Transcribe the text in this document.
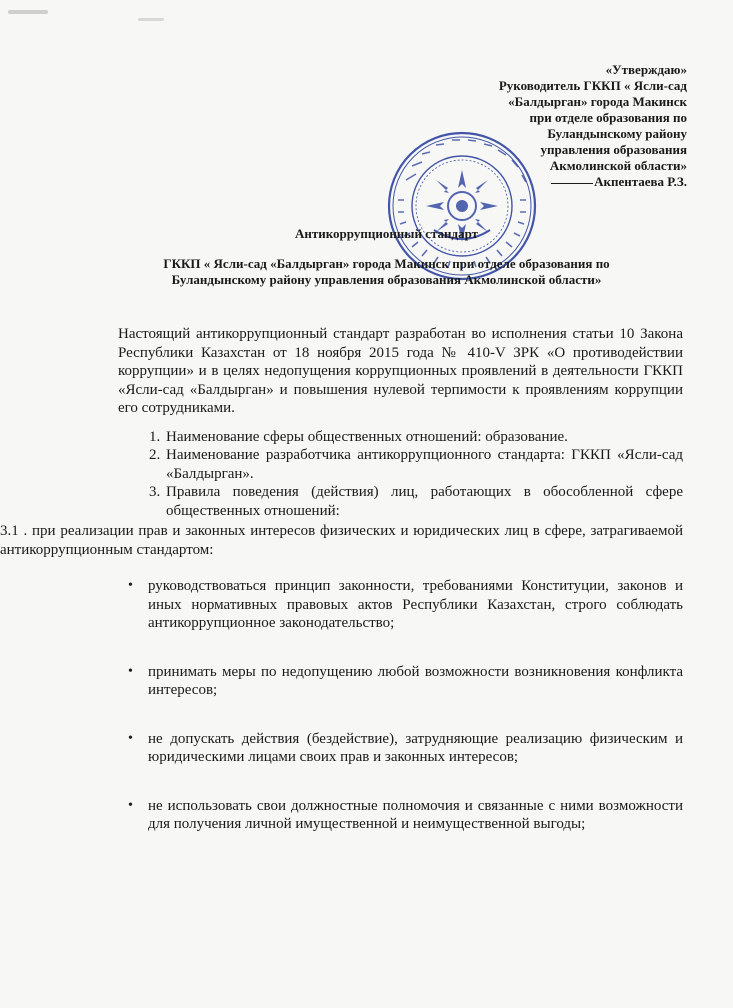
«Утверждаю»
Руководитель ГККП « Ясли-сад
«Балдырган» города Макинск
при отделе образования по
Буландынскому району
управления образования
Акмолинской области»
Акпентаева Р.З.
Антикоррупционный стандарт
ГККП « Ясли-сад «Балдырган» города Макинск при отделе образования по
Буландынскому району управления образования Акмолинской области»

Настоящий антикоррупционный стандарт разработан во исполнения статьи 10 Закона Республики Казахстан от 18 ноября 2015 года № 410-V ЗРК «О противодействии коррупции» и в целях недопущения коррупционных проявлений в деятельности ГККП «Ясли-сад «Балдырган» и повышения нулевой терпимости к проявлениям коррупции его сотрудниками.

1. Наименование сферы общественных отношений: образование.
2. Наименование разработчика антикоррупционного стандарта: ГККП «Ясли-сад «Балдырган».
3. Правила поведения (действия) лиц, работающих в обособленной сфере общественных отношений:

3.1 . при реализации прав и законных интересов физических и юридических лиц в сфере, затрагиваемой антикоррупционным стандартом:

• руководствоваться принцип законности, требованиями Конституции, законов и иных нормативных правовых актов Республики Казахстан, строго соблюдать антикоррупционное законодательство;
• принимать меры по недопущению любой возможности возникновения конфликта интересов;
• не допускать действия (бездействие), затрудняющие реализацию физическим и юридическими лицами своих прав и законных интересов;
• не использовать свои должностные полномочия и связанные с ними возможности для получения личной имущественной и неимущественной выгоды;
